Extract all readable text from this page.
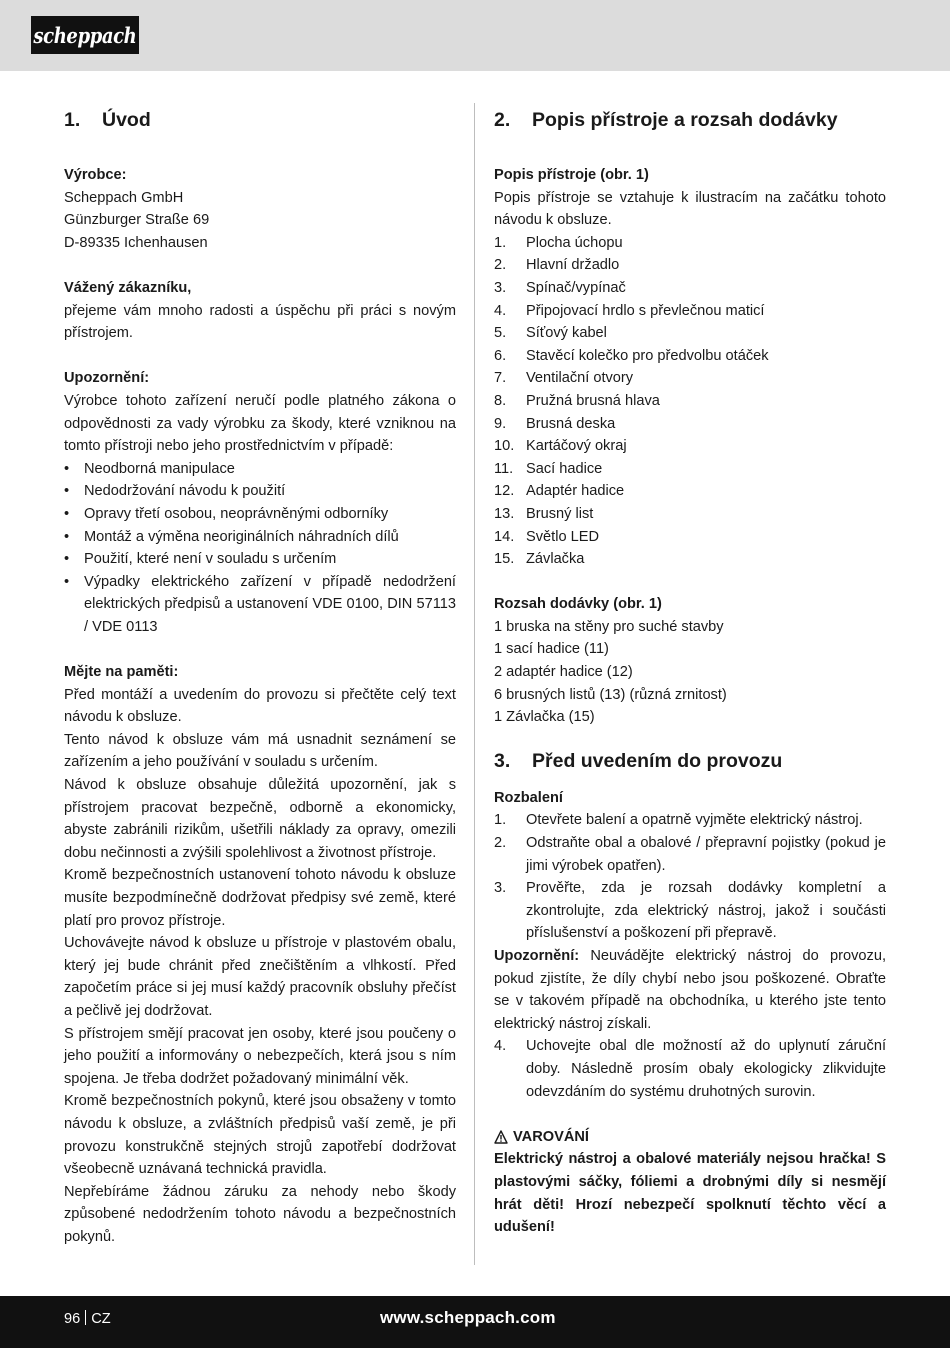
scheppach
1.	Úvod
Výrobce:
Scheppach GmbH
Günzburger Straße 69
D-89335 Ichenhausen
Vážený zákazníku,

přejeme vám mnoho radosti a úspěchu při práci s novým přístrojem.

Upozornění:

Výrobce tohoto zařízení neručí podle platného zákona o odpovědnosti za vady výrobku za škody, které vzniknou na tomto přístroji nebo jeho prostřednictvím v případě:

• Neodborná manipulace
• Nedodržování návodu k použití
• Opravy třetí osobou, neoprávněnými odborníky
• Montáž a výměna neoriginálních náhradních dílů
• Použití, které není v souladu s určením
• Výpadky elektrického zařízení v případě nedodržení elektrických předpisů a ustanovení VDE 0100, DIN 57113 / VDE 0113
Mějte na paměti:

Před montáží a uvedením do provozu si přečtěte celý text návodu k obsluze.

Tento návod k obsluze vám má usnadnit seznámení se zařízením a jeho používání v souladu s určením.

Návod k obsluze obsahuje důležitá upozornění, jak s přístrojem pracovat bezpečně, odborně a ekonomicky, abyste zabránili rizikům, ušetřili náklady za opravy, omezili dobu nečinnosti a zvýšili spolehlivost a životnost přístroje.

Kromě bezpečnostních ustanovení tohoto návodu k obsluze musíte bezpodmínečně dodržovat předpisy své země, které platí pro provoz přístroje.

Uchovávejte návod k obsluze u přístroje v plastovém obalu, který jej bude chránit před znečištěním a vlhkostí. Před započetím práce si jej musí každý pracovník obsluhy přečíst a pečlivě jej dodržovat.

S přístrojem smějí pracovat jen osoby, které jsou poučeny o jeho použití a informovány o nebezpečích, která jsou s ním spojena. Je třeba dodržet požadovaný minimální věk.

Kromě bezpečnostních pokynů, které jsou obsaženy v tomto návodu k obsluze, a zvláštních předpisů vaší země, je při provozu konstrukčně stejných strojů zapotřebí dodržovat všeobecně uznávaná technická pravidla.

Nepřebíráme žádnou záruku za nehody nebo škody způsobené nedodržením tohoto návodu a bezpečnostních pokynů.

2.	Popis přístroje a rozsah dodávky
Popis přístroje (obr. 1)

Popis přístroje se vztahuje k ilustracím na začátku tohoto návodu k obsluze.

1.	Plocha úchopu
2.	Hlavní držadlo
3.	Spínač/vypínač
4.	Připojovací hrdlo s převlečnou maticí
5.	Síťový kabel
6.	Stavěcí kolečko pro předvolbu otáček
7.	Ventilační otvory
8.	Pružná brusná hlava
9.	Brusná deska
10. Kartáčový okraj
11. Sací hadice
12. Adaptér hadice
13. Brusný list
14. Světlo LED
15. Závlačka
Rozsah dodávky (obr. 1)
1 bruska na stěny pro suché stavby
1 sací hadice (11)
2 adaptér hadice (12)
6 brusných listů (13) (různá zrnitost)
1 Závlačka (15)
3.	Před uvedením do provozu
Rozbalení
1.	Otevřete balení a opatrně vyjměte elektrický nástroj.
2.	Odstraňte obal a obalové / přepravní pojistky (pokud je jimi výrobek opatřen).
3.	Prověřte, zda je rozsah dodávky kompletní a zkontrolujte, zda elektrický nástroj, jakož i součásti příslušenství a poškození při přepravě.

Upozornění: Neuvádějte elektrický nástroj do provozu, pokud zjistíte, že díly chybí nebo jsou poškozené. Obraťte se v takovém případě na obchodníka, u kterého jste tento elektrický nástroj získali.

4.	Uchovejte obal dle možností až do uplynutí záruční doby. Následně prosím obaly ekologicky zlikvidujte odevzdáním do systému druhotných surovin.
VAROVÁNÍ

Elektrický nástroj a obalové materiály nejsou hračka! S plastovými sáčky, fóliemi a drobnými díly si nesmějí hrát děti! Hrozí nebezpečí spolknutí těchto věcí a udušení!

96 CZ	www.scheppach.com
